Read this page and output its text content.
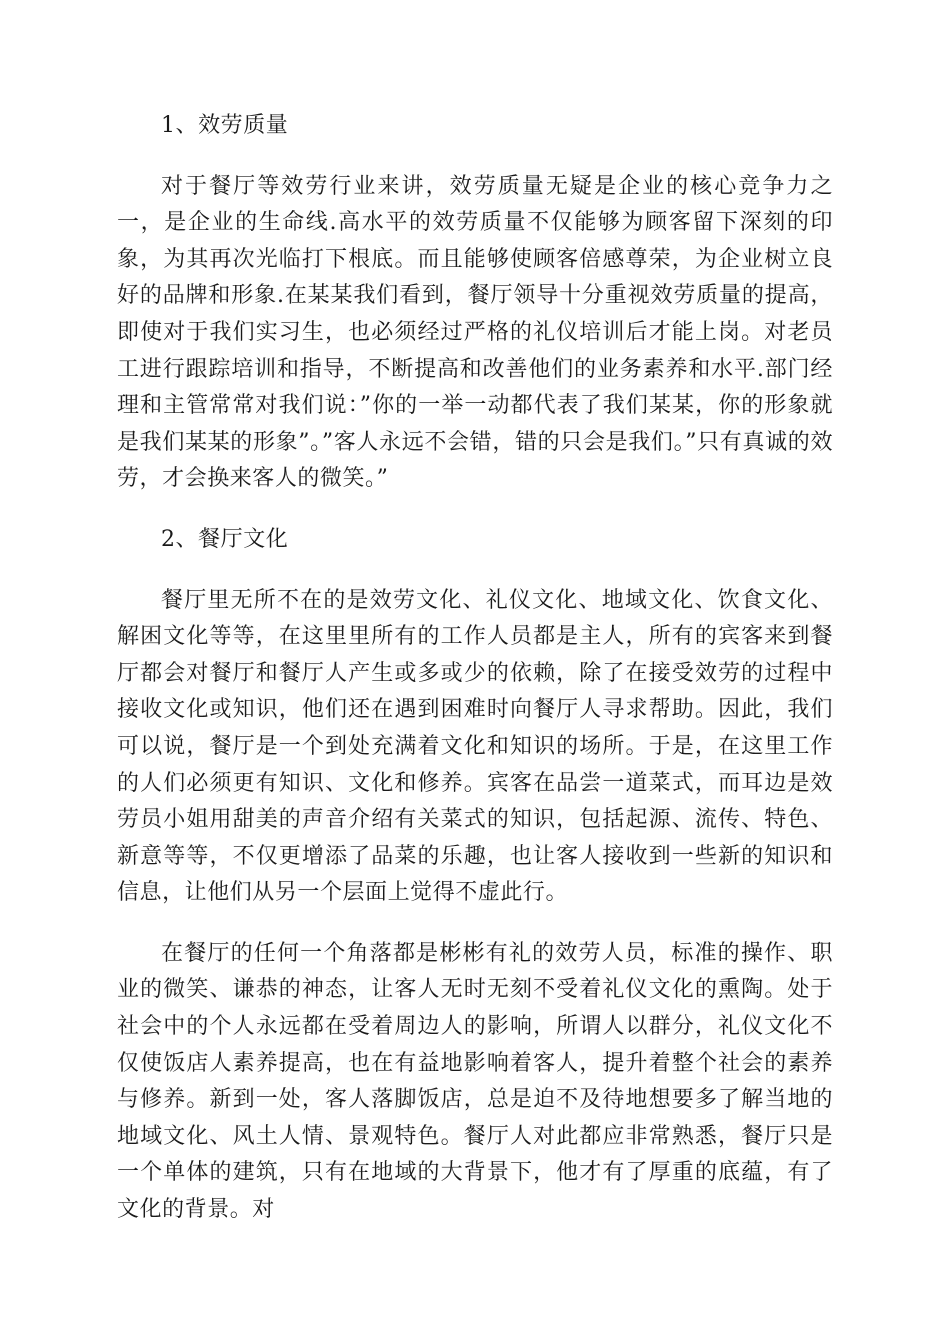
1、效劳质量

对于餐厅等效劳行业来讲，效劳质量无疑是企业的核心竞争力之一，是企业的生命线.高水平的效劳质量不仅能够为顾客留下深刻的印象，为其再次光临打下根底。而且能够使顾客倍感尊荣，为企业树立良好的品牌和形象.在某某我们看到，餐厅领导十分重视效劳质量的提高，即使对于我们实习生，也必须经过严格的礼仪培训后才能上岗。对老员工进行跟踪培训和指导，不断提高和改善他们的业务素养和水平.部门经理和主管常常对我们说：”你的一举一动都代表了我们某某，你的形象就是我们某某的形象”。”客人永远不会错，错的只会是我们。”只有真诚的效劳，才会换来客人的微笑。”

2、餐厅文化

餐厅里无所不在的是效劳文化、礼仪文化、地域文化、饮食文化、解困文化等等，在这里里所有的工作人员都是主人，所有的宾客来到餐厅都会对餐厅和餐厅人产生或多或少的依赖，除了在接受效劳的过程中接收文化或知识，他们还在遇到困难时向餐厅人寻求帮助。因此，我们可以说，餐厅是一个到处充满着文化和知识的场所。于是，在这里工作的人们必须更有知识、文化和修养。宾客在品尝一道菜式，而耳边是效劳员小姐用甜美的声音介绍有关菜式的知识，包括起源、流传、特色、新意等等，不仅更增添了品菜的乐趣，也让客人接收到一些新的知识和信息，让他们从另一个层面上觉得不虚此行。

在餐厅的任何一个角落都是彬彬有礼的效劳人员，标准的操作、职业的微笑、谦恭的神态，让客人无时无刻不受着礼仪文化的熏陶。处于社会中的个人永远都在受着周边人的影响，所谓人以群分，礼仪文化不仅使饭店人素养提高，也在有益地影响着客人，提升着整个社会的素养与修养。新到一处，客人落脚饭店，总是迫不及待地想要多了解当地的地域文化、风土人情、景观特色。餐厅人对此都应非常熟悉，餐厅只是一个单体的建筑，只有在地域的大背景下，他才有了厚重的底蕴，有了文化的背景。对
